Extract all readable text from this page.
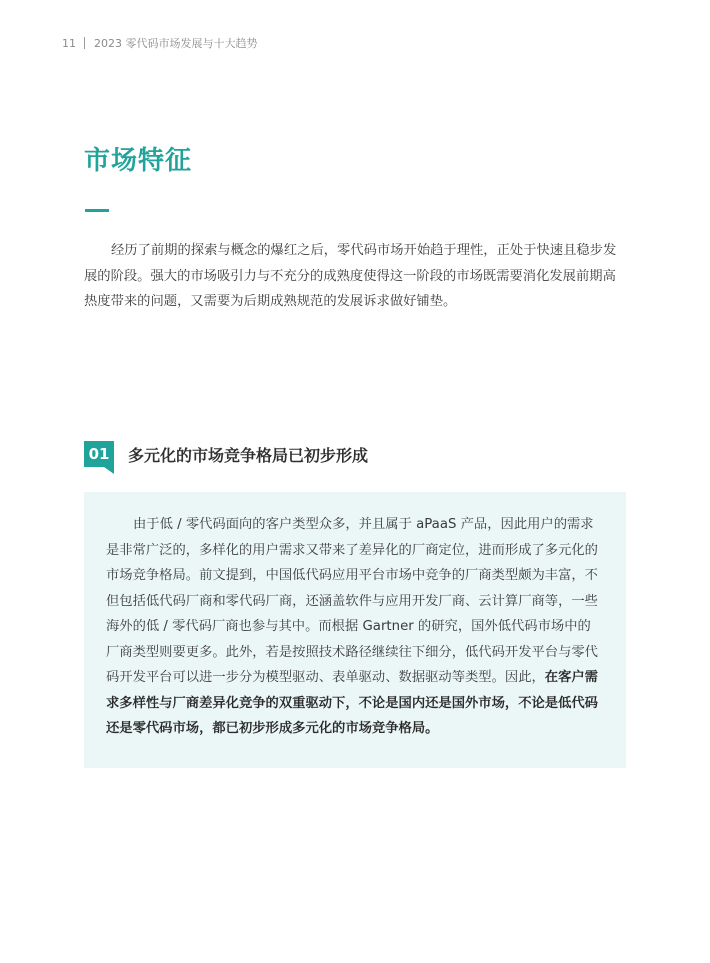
11 2023 零代码市场发展与十大趋势
市场特征

经历了前期的探索与概念的爆红之后，零代码市场开始趋于理性，正处于快速且稳步发展的阶段。强大的市场吸引力与不充分的成熟度使得这一阶段的市场既需要消化发展前期高热度带来的问题，又需要为后期成熟规范的发展诉求做好铺垫。

01 多元化的市场竞争格局已初步形成

由于低 / 零代码面向的客户类型众多，并且属于 aPaaS 产品，因此用户的需求是非常广泛的，多样化的用户需求又带来了差异化的厂商定位，进而形成了多元化的市场竞争格局。前文提到，中国低代码应用平台市场中竞争的厂商类型颇为丰富，不但包括低代码厂商和零代码厂商，还涵盖软件与应用开发厂商、云计算厂商等，一些海外的低 / 零代码厂商也参与其中。而根据 Gartner 的研究，国外低代码市场中的厂商类型则要更多。此外，若是按照技术路径继续往下细分，低代码开发平台与零代码开发平台可以进一步分为模型驱动、表单驱动、数据驱动等类型。因此，在客户需求多样性与厂商差异化竞争的双重驱动下，不论是国内还是国外市场，不论是低代码还是零代码市场，都已初步形成多元化的市场竞争格局。
